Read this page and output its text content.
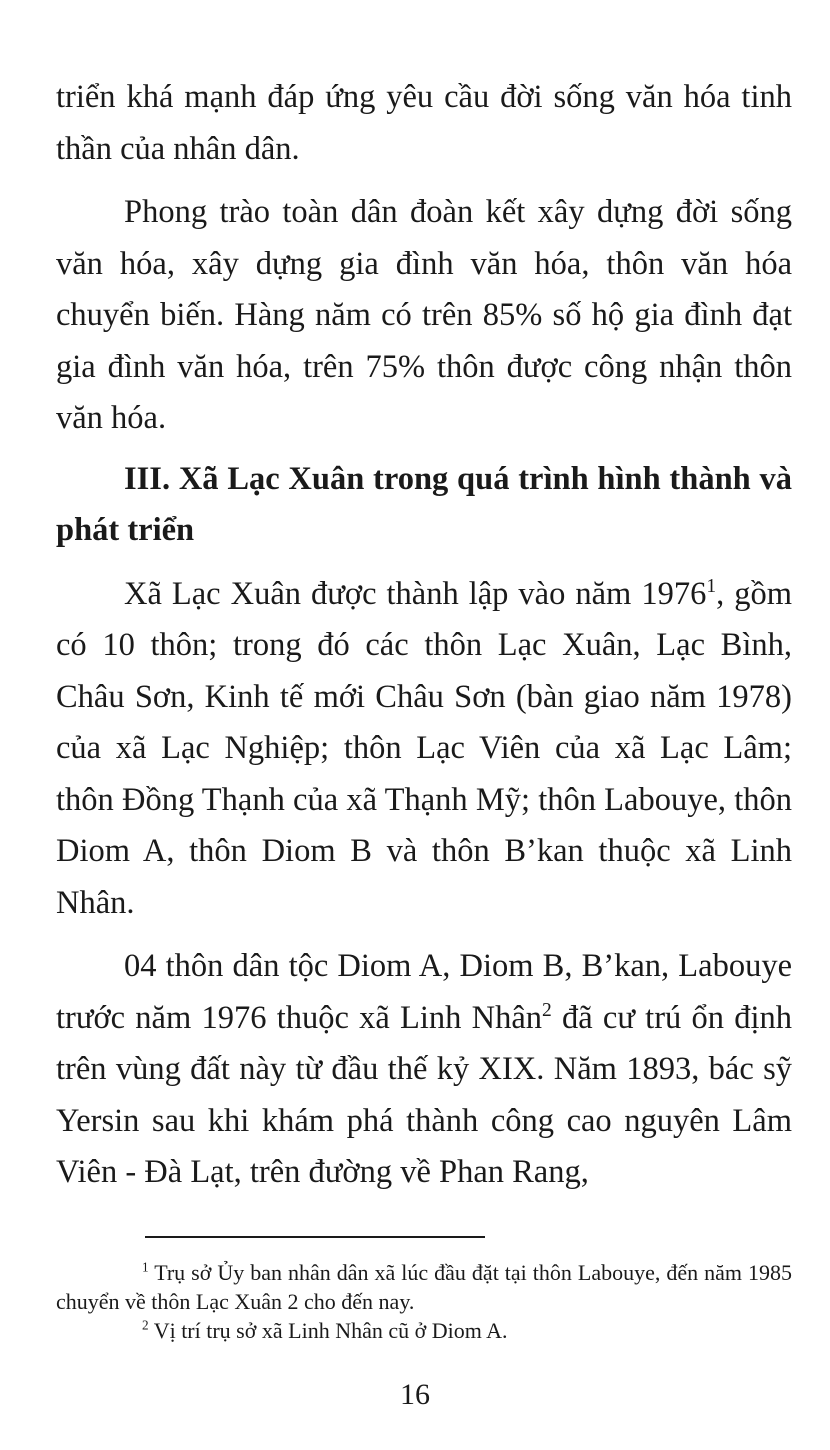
triển khá mạnh đáp ứng yêu cầu đời sống văn hóa tinh thần của nhân dân.

Phong trào toàn dân đoàn kết xây dựng đời sống văn hóa, xây dựng gia đình văn hóa, thôn văn hóa chuyển biến. Hàng năm có trên 85% số hộ gia đình đạt gia đình văn hóa, trên 75% thôn được công nhận thôn văn hóa.

III. Xã Lạc Xuân trong quá trình hình thành và phát triển

Xã Lạc Xuân được thành lập vào năm 1976$^1$, gồm có 10 thôn; trong đó các thôn Lạc Xuân, Lạc Bình, Châu Sơn, Kinh tế mới Châu Sơn (bàn giao năm 1978) của xã Lạc Nghiệp; thôn Lạc Viên của xã Lạc Lâm; thôn Đồng Thạnh của xã Thạnh Mỹ; thôn Labouye, thôn Diom A, thôn Diom B và thôn B’kan thuộc xã Linh Nhân.

04 thôn dân tộc Diom A, Diom B, B’kan, Labouye trước năm 1976 thuộc xã Linh Nhân$^2$ đã cư trú ổn định trên vùng đất này từ đầu thế kỷ XIX. Năm 1893, bác sỹ Yersin sau khi khám phá thành công cao nguyên Lâm Viên - Đà Lạt, trên đường về Phan Rang,

$^1$ Trụ sở Ủy ban nhân dân xã lúc đầu đặt tại thôn Labouye, đến năm 1985 chuyển về thôn Lạc Xuân 2 cho đến nay.

$^2$ Vị trí trụ sở xã Linh Nhân cũ ở Diom A.

16
